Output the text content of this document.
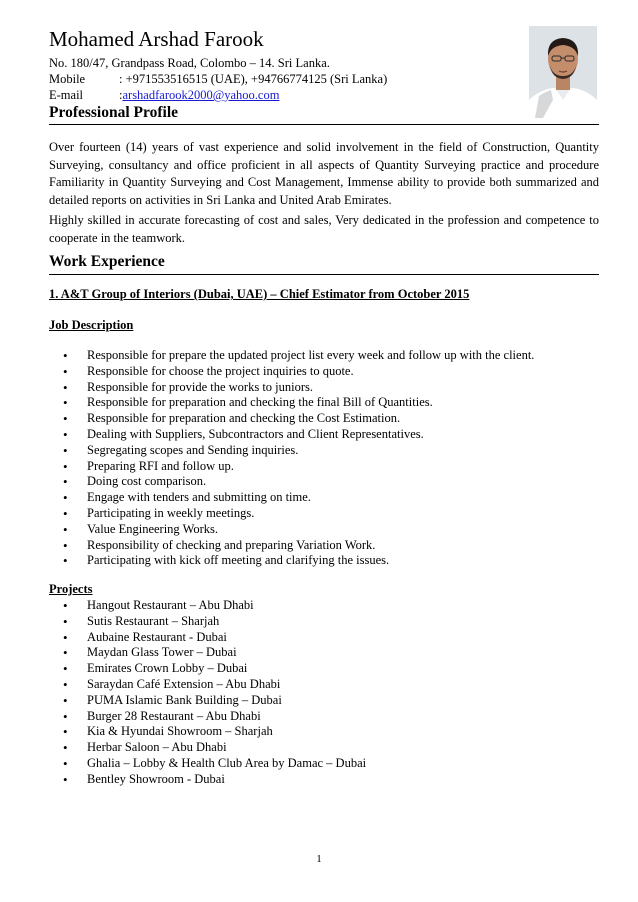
Mohamed Arshad Farook
No. 180/47, Grandpass Road, Colombo – 14. Sri Lanka.
Mobile	: +971553516515 (UAE), +94766774125 (Sri Lanka)
E-mail	: arshadfarook2000@yahoo.com
Professional Profile

Over fourteen (14) years of vast experience and solid involvement in the field of Construction, Quantity Surveying, consultancy and office proficient in all aspects of Quantity Surveying practice and procedure Familiarity in Quantity Surveying and Cost Management, Immense ability to provide both summarized and detailed reports on activities in Sri Lanka and United Arab Emirates.

Highly skilled in accurate forecasting of cost and sales, Very dedicated in the profession and competence to cooperate in the teamwork.

Work Experience

1. A&T Group of Interiors (Dubai, UAE) – Chief Estimator from October 2015

Job Description

• Responsible for prepare the updated project list every week and follow up with the client.
• Responsible for choose the project inquiries to quote.
• Responsible for provide the works to juniors.
• Responsible for preparation and checking the final Bill of Quantities.
• Responsible for preparation and checking the Cost Estimation.
• Dealing with Suppliers, Subcontractors and Client Representatives.
• Segregating scopes and Sending inquiries.
• Preparing RFI and follow up.
• Doing cost comparison.
• Engage with tenders and submitting on time.
• Participating in weekly meetings.
• Value Engineering Works.
• Responsibility of checking and preparing Variation Work.
• Participating with kick off meeting and clarifying the issues.

Projects

• Hangout Restaurant – Abu Dhabi
• Sutis Restaurant – Sharjah
• Aubaine Restaurant - Dubai
• Maydan Glass Tower – Dubai
• Emirates Crown Lobby – Dubai
• Saraydan Café Extension – Abu Dhabi
• PUMA Islamic Bank Building – Dubai
• Burger 28 Restaurant – Abu Dhabi
• Kia & Hyundai Showroom – Sharjah
• Herbar Saloon – Abu Dhabi
• Ghalia – Lobby & Health Club Area by Damac – Dubai
• Bentley Showroom - Dubai
1
